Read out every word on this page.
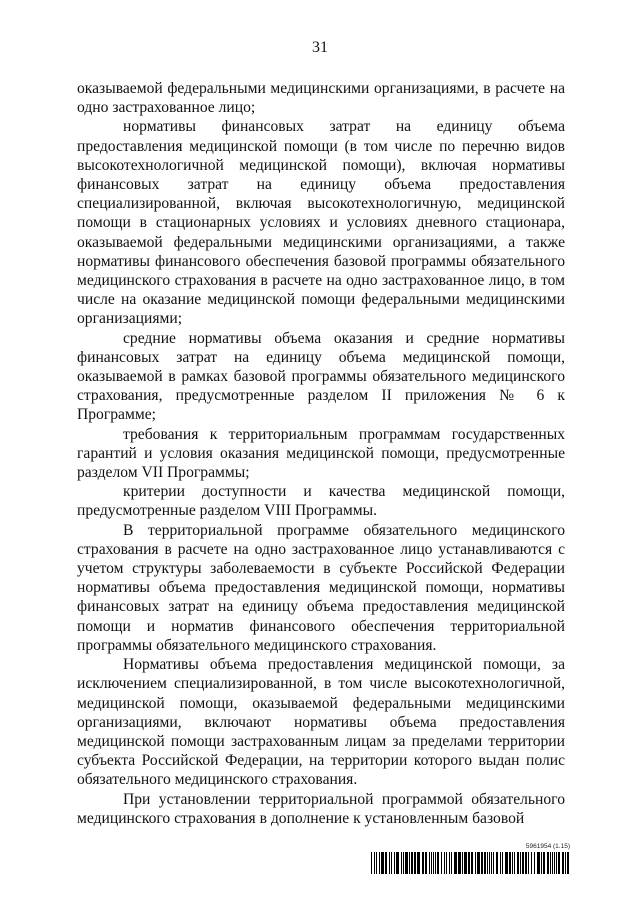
31

оказываемой федеральными медицинскими организациями, в расчете на одно застрахованное лицо;

нормативы финансовых затрат на единицу объема предоставления медицинской помощи (в том числе по перечню видов высокотехнологичной медицинской помощи), включая нормативы финансовых затрат на единицу объема предоставления специализированной, включая высокотехнологичную, медицинской помощи в стационарных условиях и условиях дневного стационара, оказываемой федеральными медицинскими организациями, а также нормативы финансового обеспечения базовой программы обязательного медицинского страхования в расчете на одно застрахованное лицо, в том числе на оказание медицинской помощи федеральными медицинскими организациями;

средние нормативы объема оказания и средние нормативы финансовых затрат на единицу объема медицинской помощи, оказываемой в рамках базовой программы обязательного медицинского страхования, предусмотренные разделом II приложения № 6 к Программе;

требования к территориальным программам государственных гарантий и условия оказания медицинской помощи, предусмотренные разделом VII Программы;

критерии доступности и качества медицинской помощи, предусмотренные разделом VIII Программы.

В территориальной программе обязательного медицинского страхования в расчете на одно застрахованное лицо устанавливаются с учетом структуры заболеваемости в субъекте Российской Федерации нормативы объема предоставления медицинской помощи, нормативы финансовых затрат на единицу объема предоставления медицинской помощи и норматив финансового обеспечения территориальной программы обязательного медицинского страхования.

Нормативы объема предоставления медицинской помощи, за исключением специализированной, в том числе высокотехнологичной, медицинской помощи, оказываемой федеральными медицинскими организациями, включают нормативы объема предоставления медицинской помощи застрахованным лицам за пределами территории субъекта Российской Федерации, на территории которого выдан полис обязательного медицинского страхования.

При установлении территориальной программой обязательного медицинского страхования в дополнение к установленным базовой

5961954 (1.15)
